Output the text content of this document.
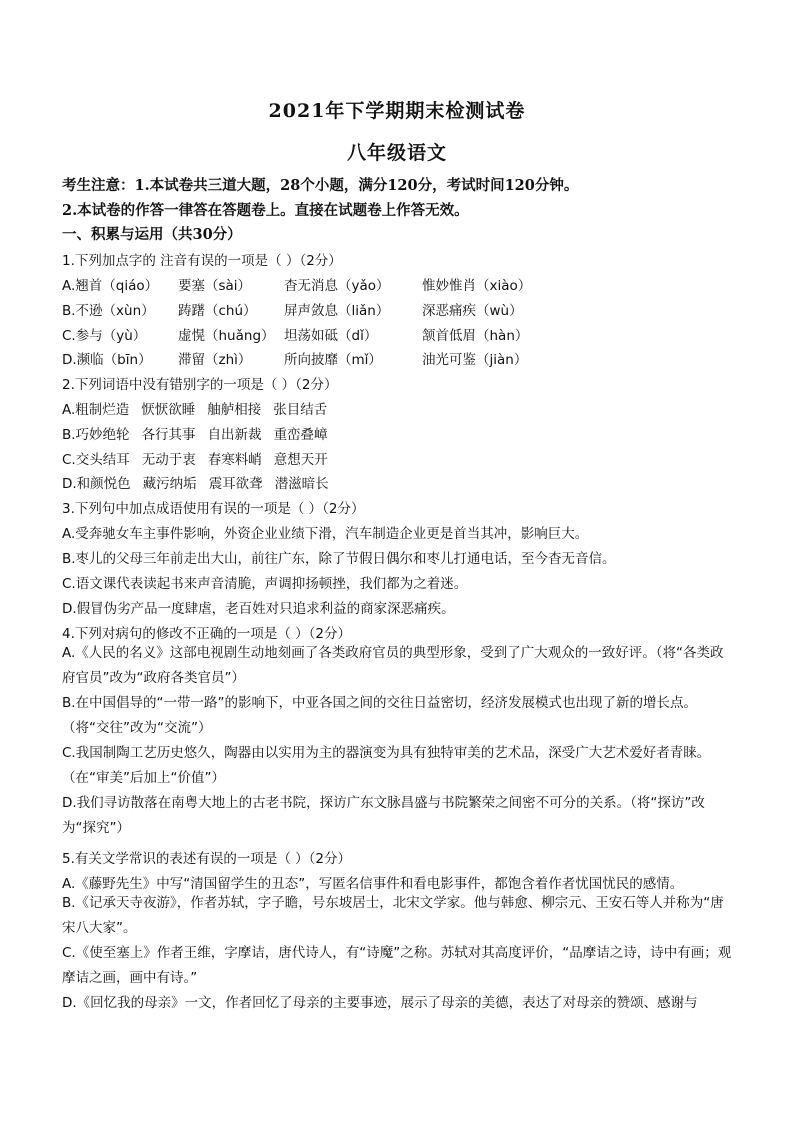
2021年下学期期末检测试卷
八年级语文
考生注意：1.本试卷共三道大题，28个小题，满分120分，考试时间120分钟。
2.本试卷的作答一律答在答题卷上。直接在试题卷上作答无效。
一、积累与运用（共30分）
1.下列加点字的 注音有误的一项是（ ）（2分）
A.翘首（qiáo）	要塞（sài）	杳无消息（yǎo）	惟妙惟肖（xiào）
B.不逊（xùn）	踌躇（chú）	屏声敛息（liǎn）	深恶痛疾（wù）
C.参与（yù）	虚愰（huǎng） 坦荡如砥（dǐ）	颔首低眉（hàn）
D.濒临（bīn）	滞留（zhì）	所向披靡（mǐ）	油光可鉴（jiàn）
2.下列词语中没有错别字的一项是（ ）（2分）
A.粗制烂造 恹恹欲睡 舳舻相接 张目结舌
B.巧妙绝轮 各行其事 自出新裁 重峦叠嶂
C.交头结耳 无动于衷 春寒料峭 意想天开
D.和颜悦色 藏污纳垢 震耳欲聋 潜滋暗长
3.下列句中加点成语使用有误的一项是（ ）（2分）
A.受奔驰女车主事件影响，外资企业业绩下滑，汽车制造企业更是首当其冲，影响巨大。
B.枣儿的父母三年前走出大山，前往广东，除了节假日偶尔和枣儿打通电话，至今杳无音信。
C.语文课代表读起书来声音清脆，声调抑扬顿挫，我们都为之着迷。
D.假冒伪劣产品一度肆虐，老百姓对只追求利益的商家深恶痛疾。
4.下列对病句的修改不正确的一项是（ ）（2分）
A.《人民的名义》这部电视剧生动地刻画了各类政府官员的典型形象，受到了广大观众的一致好评。（将“各类政府官员”改为“政府各类官员”）
B.在中国倡导的“一带一路”的影响下，中亚各国之间的交往日益密切，经济发展模式也出现了新的增长点。（将“交往”改为“交流”）
C.我国制陶工艺历史悠久，陶器由以实用为主的器演变为具有独特审美的艺术品，深受广大艺术爱好者青睐。（在“审美”后加上“价值”）
D.我们寻访散落在南粤大地上的古老书院，探访广东文脉昌盛与书院繁荣之间密不可分的关系。（将“探访”改为“探究”）
5.有关文学常识的表述有误的一项是（ ）（2分）
A.《藤野先生》中写“清国留学生的丑态”，写匿名信事件和看电影事件，都饱含着作者忧国忧民的感情。
B.《记承天寺夜游》，作者苏轼，字子瞻，号东坡居士，北宋文学家。他与韩愈、柳宗元、王安石等人并称为“唐宋八大家”。
C.《使至塞上》作者王维，字摩诘，唐代诗人，有“诗魔”之称。苏轼对其高度评价，“品摩诘之诗，诗中有画；观摩诘之画，画中有诗。”
D.《回忆我的母亲》一文，作者回忆了母亲的主要事迹，展示了母亲的美德，表达了对母亲的赞颂、感谢与
